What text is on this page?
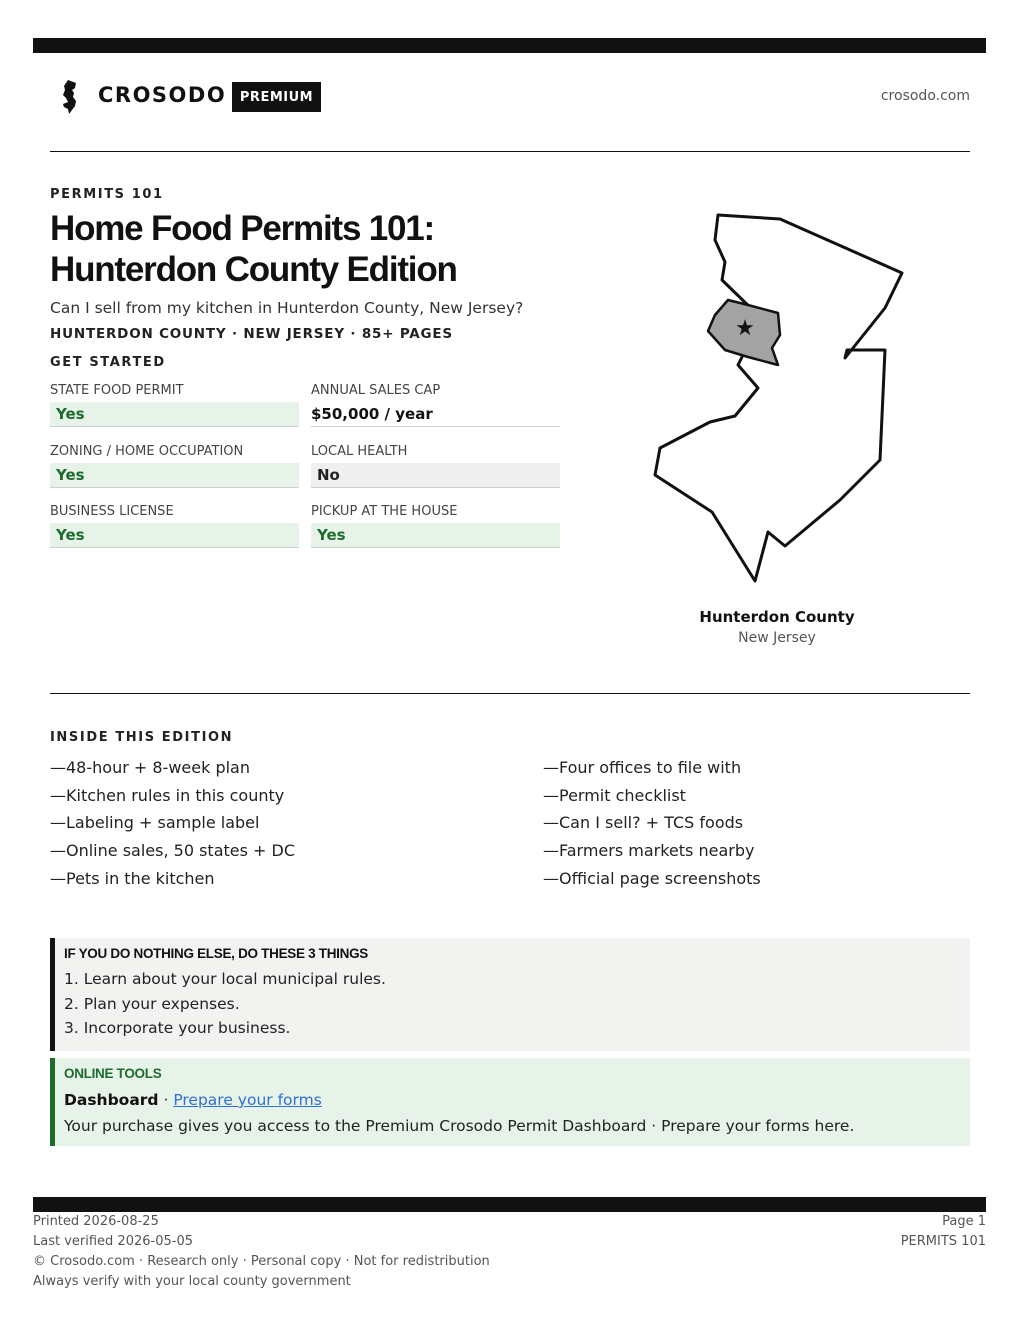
CROSODO	PREMIUM	crosodo.com
PERMITS 101
Home Food Permits 101:
Hunterdon County Edition
Can I sell from my kitchen in Hunterdon County, New Jersey?
HUNTERDON COUNTY · NEW JERSEY · 85+ PAGES
GET STARTED
STATE FOOD PERMIT
Yes
ANNUAL SALES CAP
$50,000 / year
ZONING / HOME OCCUPATION
Yes
LOCAL HEALTH
No
BUSINESS LICENSE
Yes
PICKUP AT THE HOUSE
Yes
★
Hunterdon County
New Jersey
INSIDE THIS EDITION
—48-hour + 8-week plan
—Kitchen rules in this county
—Labeling + sample label
—Online sales, 50 states + DC
—Pets in the kitchen
—Four offices to file with
—Permit checklist
—Can I sell? + TCS foods
—Farmers markets nearby
—Official page screenshots
IF YOU DO NOTHING ELSE, DO THESE 3 THINGS
1. Learn about your local municipal rules.
2. Plan your expenses.
3. Incorporate your business.
ONLINE TOOLS
Dashboard · Prepare your forms
Your purchase gives you access to the Premium Crosodo Permit Dashboard · Prepare your forms here.
Printed 2026-08-25
Last verified 2026-05-05
© Crosodo.com · Research only · Personal copy · Not for redistribution
Always verify with your local county government
Page 1
PERMITS 101
